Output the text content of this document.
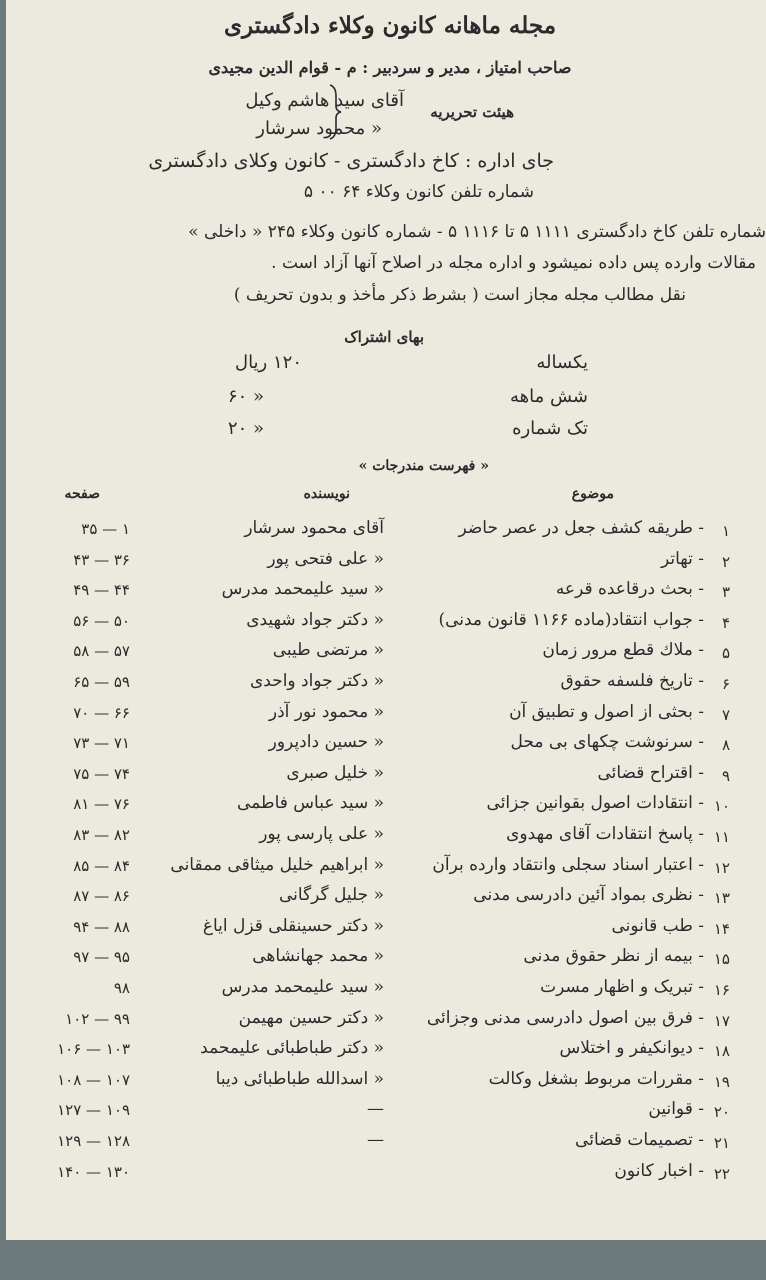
مجله ماهانه کانون وکلاء دادگستری
صاحب امتیاز ، مدیر و سردبیر : م - قوام الدین مجیدی
هیئت تحریریه
آقای سید هاشم وکیل
« محمود سرشار
جای اداره : کاخ دادگستری - کانون وکلای دادگستری
شماره تلفن کانون وکلاء ۶۴ ۰۰ ۵
شماره تلفن کاخ دادگستری ۱۱۱۱ ۵ تا ۱۱۱۶ ۵ - شماره کانون وکلاء ۲۴۵ « داخلی »
مقالات وارده پس داده نمیشود و اداره مجله در اصلاح آنها آزاد است .
نقل مطالب مجله مجاز است ( بشرط ذکر مأخذ و بدون تحریف )
بهای اشتراک
یکساله
۱۲۰ ریال
شش ماهه
« ۶۰
تک شماره
« ۲۰
« فهرست مندرجات »
موضوع
نویسنده
صفحه
۱
- طریقه کشف جعل در عصر حاضر
آقای محمود سرشار
۱ — ۳۵
۲
- تهاتر
« علی فتحی پور
۳۶ — ۴۳
۳
- بحث درقاعده قرعه
« سید علیمحمد مدرس
۴۴ — ۴۹
۴
- جواب انتقاد(ماده ۱۱۶۶ قانون مدنی)
« دکتر جواد شهیدی
۵۰ — ۵۶
۵
- ملاك قطع مرور زمان
« مرتضی طیبی
۵۷ — ۵۸
۶
- تاریخ فلسفه حقوق
« دکتر جواد واحدی
۵۹ — ۶۵
۷
- بحثی از اصول و تطبیق آن
« محمود نور آذر
۶۶ — ۷۰
۸
- سرنوشت چکهای بی محل
« حسین دادپرور
۷۱ — ۷۳
۹
- اقتراح قضائی
« خلیل صبری
۷۴ — ۷۵
۱۰
- انتقادات اصول بقوانین جزائی
« سید عباس فاطمی
۷۶ — ۸۱
۱۱
- پاسخ انتقادات آقای مهدوی
« علی پارسی پور
۸۲ — ۸۳
۱۲
- اعتبار اسناد سجلی وانتقاد وارده برآن
« ابراهیم خلیل میثاقی ممقانی
۸۴ — ۸۵
۱۳
- نظری بمواد آئین دادرسی مدنی
« جلیل گرگانی
۸۶ — ۸۷
۱۴
- طب قانونی
« دکتر حسینقلی قزل ایاغ
۸۸ — ۹۴
۱۵
- بیمه از نظر حقوق مدنی
« محمد جهانشاهی
۹۵ — ۹۷
۱۶
- تبریک و اظهار مسرت
« سید علیمحمد مدرس
۹۸
۱۷
- فرق بین اصول دادرسی مدنی وجزائی
« دکتر حسین مهیمن
۹۹ — ۱۰۲
۱۸
- دیوانکیفر و اختلاس
« دکتر طباطبائی علیمحمد
۱۰۳ — ۱۰۶
۱۹
- مقررات مربوط بشغل وکالت
« اسدالله طباطبائی دیبا
۱۰۷ — ۱۰۸
۲۰
- قوانین
—
۱۰۹ — ۱۲۷
۲۱
- تصمیمات قضائی
—
۱۲۸ — ۱۲۹
۲۲
- اخبار کانون
۱۳۰ — ۱۴۰
